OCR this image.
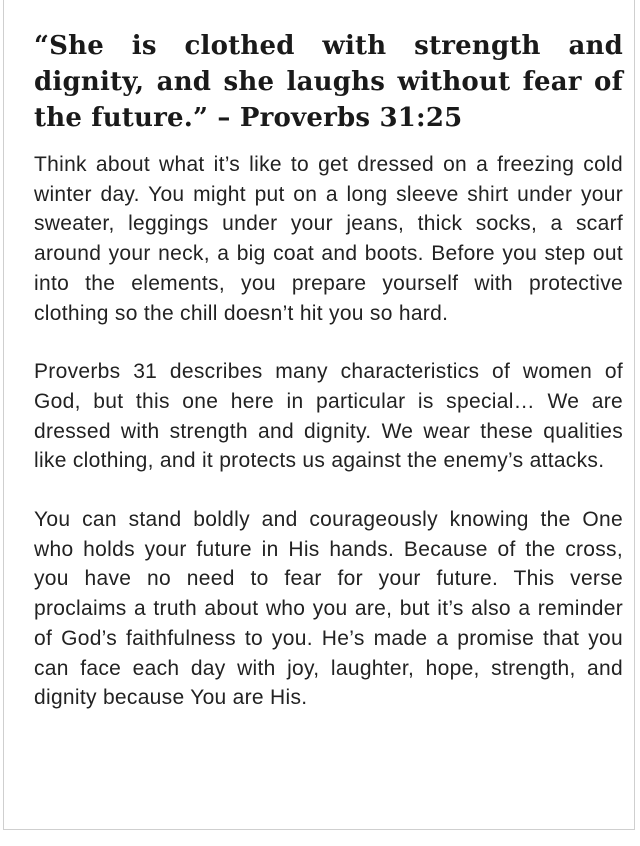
“She is clothed with strength and dignity, and she laughs without fear of the future.” – Proverbs 31:25

Think about what it’s like to get dressed on a freezing cold winter day. You might put on a long sleeve shirt under your sweater, leggings under your jeans, thick socks, a scarf around your neck, a big coat and boots. Before you step out into the elements, you prepare yourself with protective clothing so the chill doesn’t hit you so hard.

Proverbs 31 describes many characteristics of women of God, but this one here in particular is special… We are dressed with strength and dignity. We wear these qualities like clothing, and it protects us against the enemy’s attacks.

You can stand boldly and courageously knowing the One who holds your future in His hands. Because of the cross, you have no need to fear for your future. This verse proclaims a truth about who you are, but it’s also a reminder of God’s faithfulness to you. He’s made a promise that you can face each day with joy, laughter, hope, strength, and dignity because You are His.
